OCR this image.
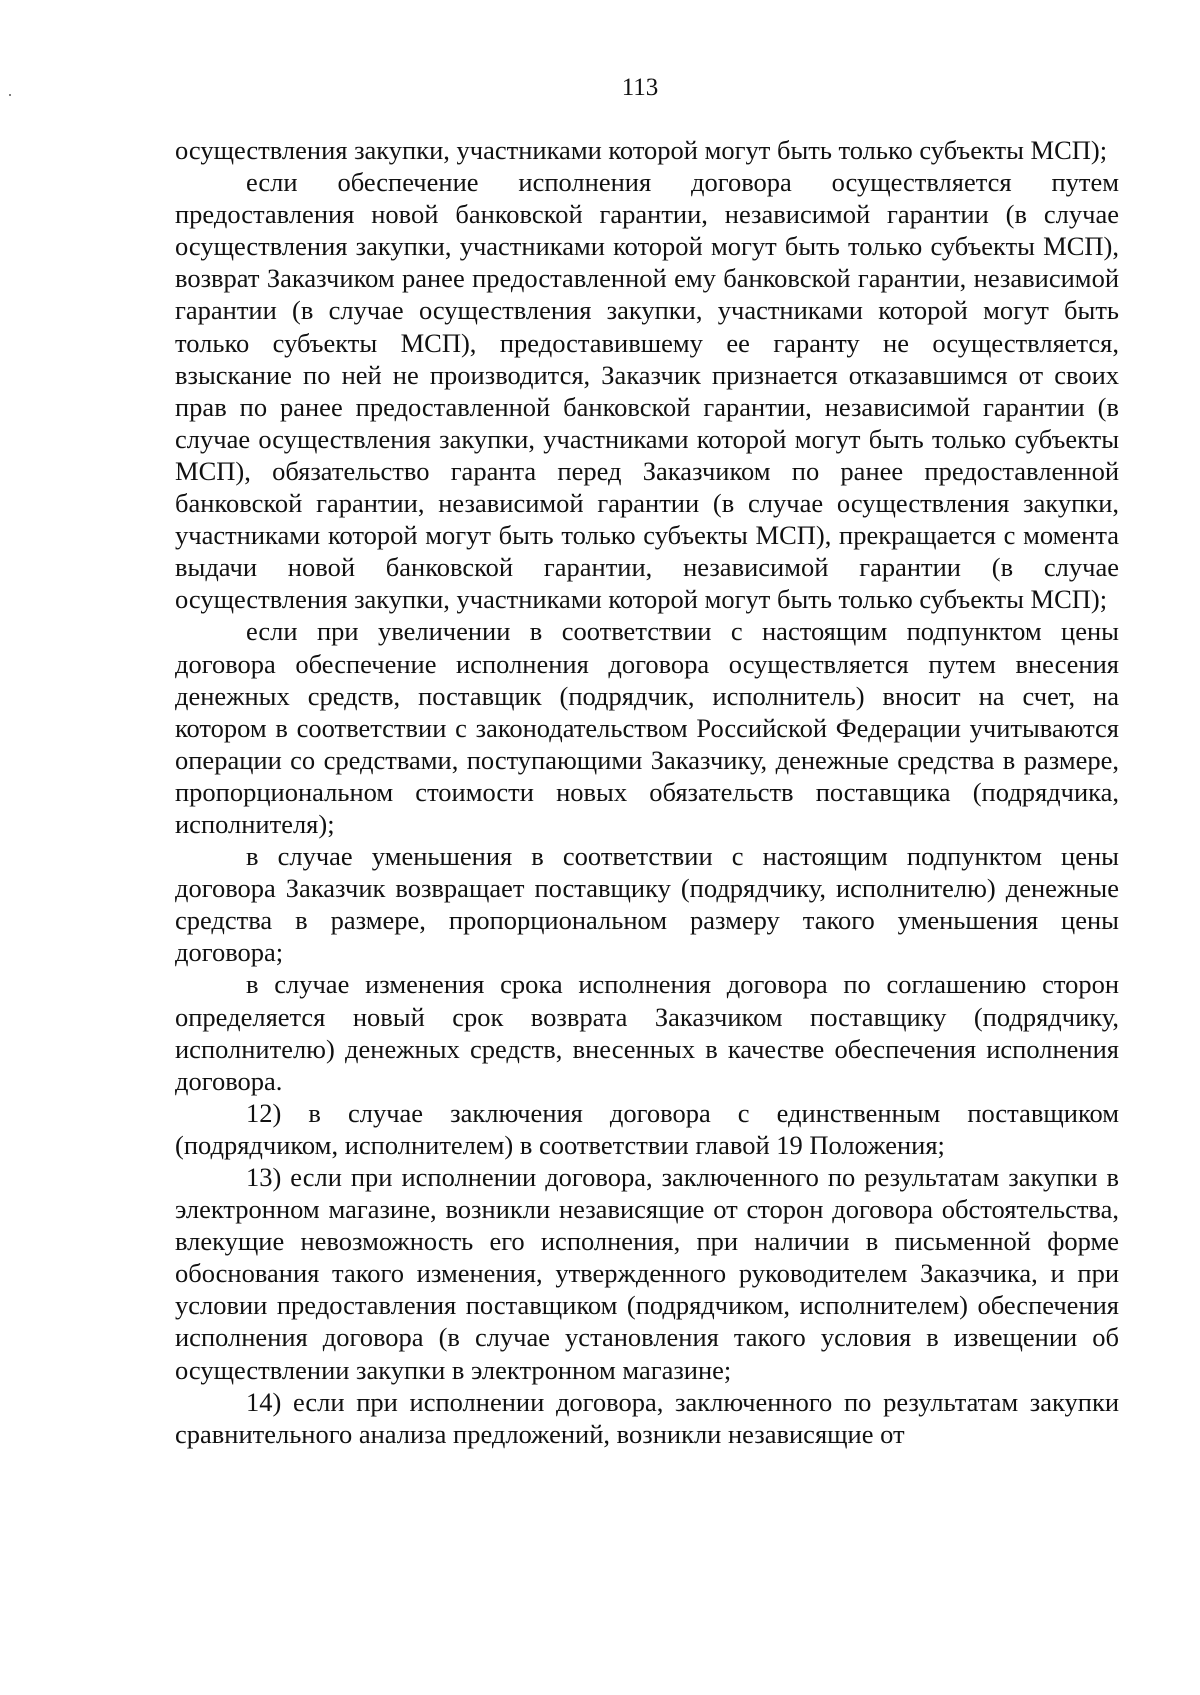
113

осуществления закупки, участниками которой могут быть только субъекты МСП);

если обеспечение исполнения договора осуществляется путем предоставления новой банковской гарантии, независимой гарантии (в случае осуществления закупки, участниками которой могут быть только субъекты МСП), возврат Заказчиком ранее предоставленной ему банковской гарантии, независимой гарантии (в случае осуществления закупки, участниками которой могут быть только субъекты МСП), предоставившему ее гаранту не осуществляется, взыскание по ней не производится, Заказчик признается отказавшимся от своих прав по ранее предоставленной банковской гарантии, независимой гарантии (в случае осуществления закупки, участниками которой могут быть только субъекты МСП), обязательство гаранта перед Заказчиком по ранее предоставленной банковской гарантии, независимой гарантии (в случае осуществления закупки, участниками которой могут быть только субъекты МСП), прекращается с момента выдачи новой банковской гарантии, независимой гарантии (в случае осуществления закупки, участниками которой могут быть только субъекты МСП);

если при увеличении в соответствии с настоящим подпунктом цены договора обеспечение исполнения договора осуществляется путем внесения денежных средств, поставщик (подрядчик, исполнитель) вносит на счет, на котором в соответствии с законодательством Российской Федерации учитываются операции со средствами, поступающими Заказчику, денежные средства в размере, пропорциональном стоимости новых обязательств поставщика (подрядчика, исполнителя);

в случае уменьшения в соответствии с настоящим подпунктом цены договора Заказчик возвращает поставщику (подрядчику, исполнителю) денежные средства в размере, пропорциональном размеру такого уменьшения цены договора;

в случае изменения срока исполнения договора по соглашению сторон определяется новый срок возврата Заказчиком поставщику (подрядчику, исполнителю) денежных средств, внесенных в качестве обеспечения исполнения договора.

12) в случае заключения договора с единственным поставщиком (подрядчиком, исполнителем) в соответствии главой 19 Положения;

13) если при исполнении договора, заключенного по результатам закупки в электронном магазине, возникли независящие от сторон договора обстоятельства, влекущие невозможность его исполнения, при наличии в письменной форме обоснования такого изменения, утвержденного руководителем Заказчика, и при условии предоставления поставщиком (подрядчиком, исполнителем) обеспечения исполнения договора (в случае установления такого условия в извещении об осуществлении закупки в электронном магазине;

14) если при исполнении договора, заключенного по результатам закупки сравнительного анализа предложений, возникли независящие от
